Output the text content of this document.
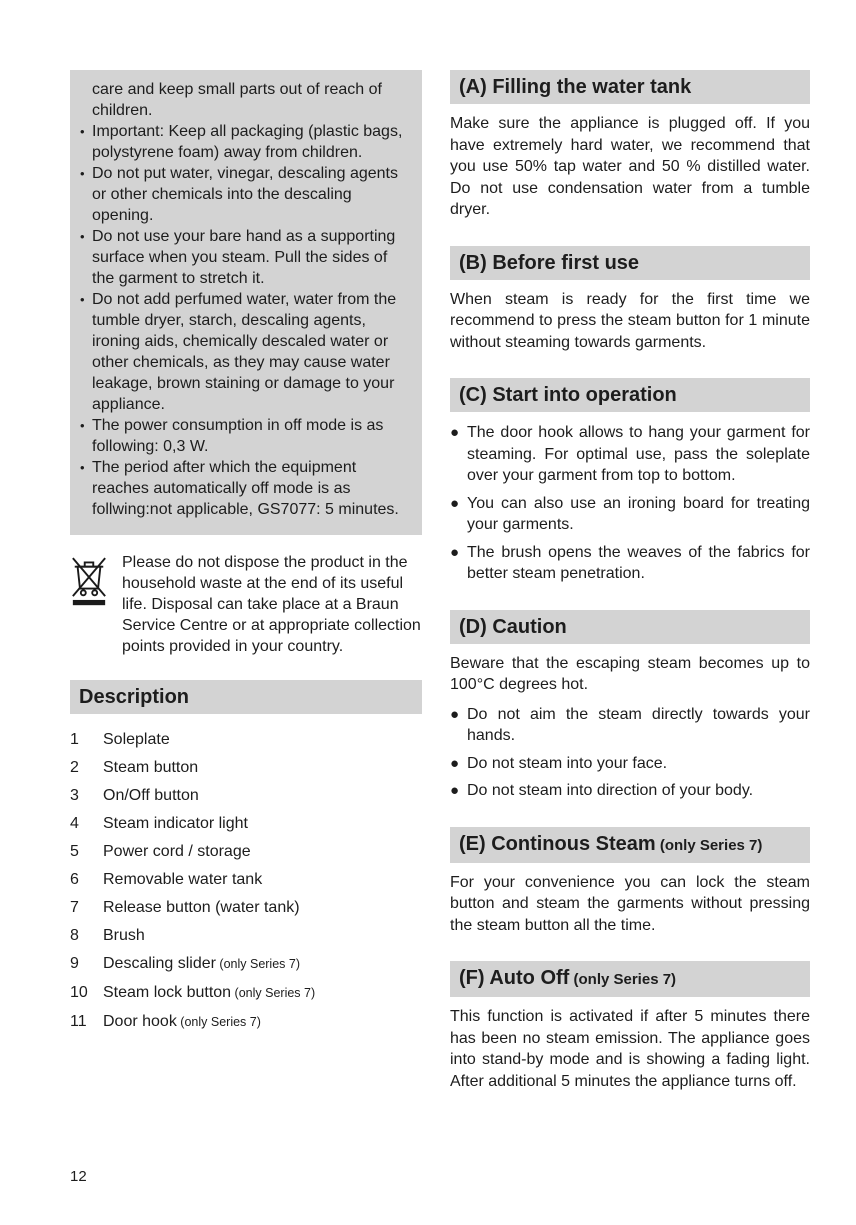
care and keep small parts out of reach of children.
• Important: Keep all packaging (plastic bags, polystyrene foam) away from children.
• Do not put water, vinegar, descaling agents or other chemicals into the descaling opening.
• Do not use your bare hand as a supporting surface when you steam. Pull the sides of the garment to stretch it.
• Do not add perfumed water, water from the tumble dryer, starch, descaling agents, ironing aids, chemically descaled water or other chemicals, as they may cause water leakage, brown staining or damage to your appliance.
• The power consumption in off mode is as following: 0,3 W.
• The period after which the equipment reaches automatically off mode is as follwing:not applicable, GS7077: 5 minutes.
Please do not dispose the product in the household waste at the end of its useful life. Disposal can take place at a Braun Service Centre or at appropriate collection points provided in your country.
Description
1	Soleplate
2	Steam button
3	On/Off button
4	Steam indicator light
5	Power cord / storage
6	Removable water tank
7	Release button (water tank)
8	Brush
9	Descaling slider (only Series 7)
10 Steam lock button (only Series 7)
11	Door hook (only Series 7)
(A) Filling the water tank

Make sure the appliance is plugged off. If you have extremely hard water, we recommend that you use 50% tap water and 50 % distilled water. Do not use condensation water from a tumble dryer.

(B) Before first use

When steam is ready for the first time we recommend to press the steam button for 1 minute without steaming towards garments.

(C) Start into operation
● The door hook allows to hang your garment for steaming. For optimal use, pass the soleplate over your garment from top to bottom.
● You can also use an ironing board for treating your garments.
● The brush opens the weaves of the fabrics for better steam penetration.
(D) Caution

Beware that the escaping steam becomes up to 100°C degrees hot.

● Do not aim the steam directly towards your hands.
● Do not steam into your face.
● Do not steam into direction of your body.
(E) Continous Steam (only Series 7)

For your convenience you can lock the steam button and steam the garments without pressing the steam button all the time.

(F) Auto Off (only Series 7)

This function is activated if after 5 minutes there has been no steam emission. The appliance goes into stand-by mode and is showing a fading light. After additional 5 minutes the appliance turns off.

12
